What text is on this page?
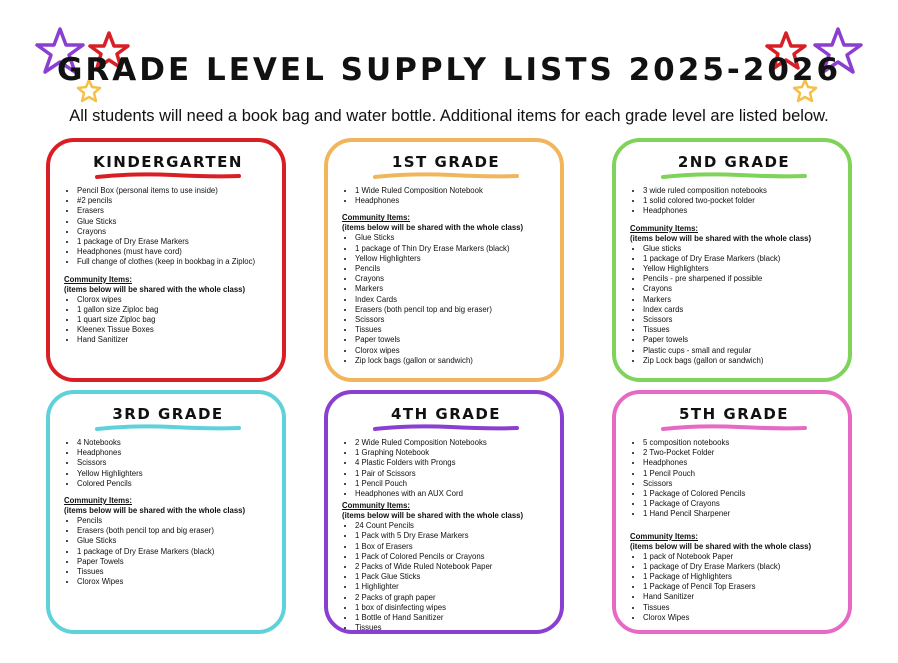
GRADE LEVEL SUPPLY LISTS 2025-2026

All students will need a book bag and water bottle. Additional items for each grade level are listed below.

KINDERGARTEN
• Pencil Box (personal items to use inside)
• #2 pencils
• Erasers
• Glue Sticks
• Crayons
• 1 package of Dry Erase Markers
• Headphones (must have cord)
• Full change of clothes (keep in bookbag in a Ziploc)
Community Items:
(items below will be shared with the whole class)
• Clorox wipes
• 1 gallon size Ziploc bag
• 1 quart size Ziploc bag
• Kleenex Tissue Boxes
• Hand Sanitizer
1ST GRADE
• 1 Wide Ruled Composition Notebook
• Headphones
Community Items:
(items below will be shared with the whole class)
• Glue Sticks
• 1 package of Thin Dry Erase Markers (black)
• Yellow Highlighters
• Pencils
• Crayons
• Markers
• Index Cards
• Erasers (both pencil top and big eraser)
• Scissors
• Tissues
• Paper towels
• Clorox wipes
• Zip lock bags (gallon or sandwich)
2ND GRADE
• 3 wide ruled composition notebooks
• 1 solid colored two-pocket folder
• Headphones
Community Items:
(items below will be shared with the whole class)
• Glue sticks
• 1 package of Dry Erase Markers (black)
• Yellow Highlighters
• Pencils - pre sharpened if possible
• Crayons
• Markers
• Index cards
• Scissors
• Tissues
• Paper towels
• Plastic cups - small and regular
• Zip Lock bags (gallon or sandwich)
3RD GRADE
• 4 Notebooks
• Headphones
• Scissors
• Yellow Highlighters
• Colored Pencils
Community Items:
(items below will be shared with the whole class)
• Pencils
• Erasers (both pencil top and big eraser)
• Glue Sticks
• 1 package of Dry Erase Markers (black)
• Paper Towels
• Tissues
• Clorox Wipes
4TH GRADE
• 2 Wide Ruled Composition Notebooks
• 1 Graphing Notebook
• 4 Plastic Folders with Prongs
• 1 Pair of Scissors
• 1 Pencil Pouch
• Headphones with an AUX Cord
Community Items:
(items below will be shared with the whole class)
• 24 Count Pencils
• 1 Pack with 5 Dry Erase Markers
• 1 Box of Erasers
• 1 Pack of Colored Pencils or Crayons
• 2 Packs of Wide Ruled Notebook Paper
• 1 Pack Glue Sticks
• 1 Highlighter
• 2 Packs of graph paper
• 1 box of disinfecting wipes
• 1 Bottle of Hand Sanitizer
• Tissues
5TH GRADE
• 5 composition notebooks
• 2 Two-Pocket Folder
• Headphones
• 1 Pencil Pouch
• Scissors
• 1 Package of Colored Pencils
• 1 Package of Crayons
• 1 Hand Pencil Sharpener
Community Items:
(items below will be shared with the whole class)
• 1 pack of Notebook Paper
• 1 package of Dry Erase Markers (black)
• 1 Package of Highlighters
• 1 Package of Pencil Top Erasers
• Hand Sanitizer
• Tissues
• Clorox Wipes
